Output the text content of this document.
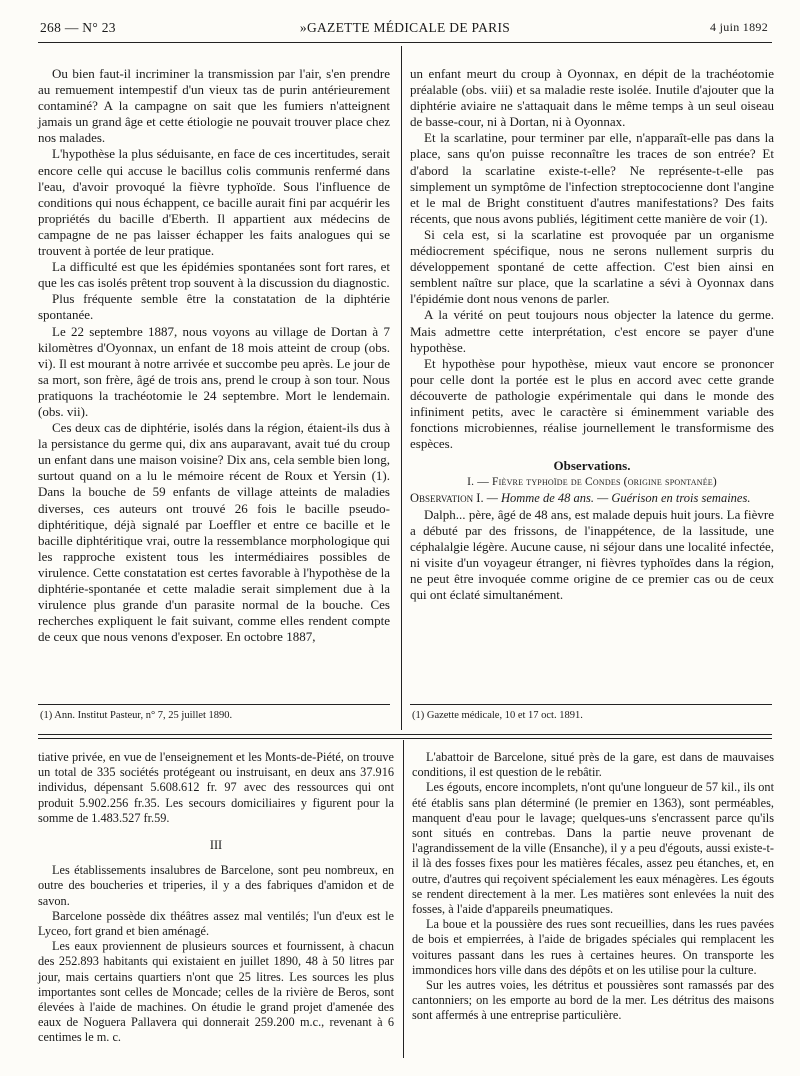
268 — N° 23	»GAZETTE MÉDICALE DE PARIS	4 juin 1892

Ou bien faut-il incriminer la transmission par l'air, s'en prendre au remuement intempestif d'un vieux tas de purin antérieurement contaminé? A la campagne on sait que les fumiers n'atteignent jamais un grand âge et cette étiologie ne pouvait trouver place chez nos malades.

L'hypothèse la plus séduisante, en face de ces incertitudes, serait encore celle qui accuse le bacillus colis communis renfermé dans l'eau, d'avoir provoqué la fièvre typhoïde. Sous l'influence de conditions qui nous échappent, ce bacille aurait fini par acquérir les propriétés du bacille d'Eberth. Il appartient aux médecins de campagne de ne pas laisser échapper les faits analogues qui se trouvent à portée de leur pratique.

La difficulté est que les épidémies spontanées sont fort rares, et que les cas isolés prêtent trop souvent à la discussion du diagnostic.

Plus fréquente semble être la constatation de la diphtérie spontanée.

Le 22 septembre 1887, nous voyons au village de Dortan à 7 kilomètres d'Oyonnax, un enfant de 18 mois atteint de croup (obs. vi). Il est mourant à notre arrivée et succombe peu après. Le jour de sa mort, son frère, âgé de trois ans, prend le croup à son tour. Nous pratiquons la trachéotomie le 24 septembre. Mort le lendemain. (obs. vii).

Ces deux cas de diphtérie, isolés dans la région, étaient-ils dus à la persistance du germe qui, dix ans auparavant, avait tué du croup un enfant dans une maison voisine? Dix ans, cela semble bien long, surtout quand on a lu le mémoire récent de Roux et Yersin (1). Dans la bouche de 59 enfants de village atteints de maladies diverses, ces auteurs ont trouvé 26 fois le bacille pseudo-diphtéritique, déjà signalé par Loeffler et entre ce bacille et le bacille diphtéritique vrai, outre la ressemblance morphologique qui les rapproche existent tous les intermédiaires possibles de virulence. Cette constatation est certes favorable à l'hypothèse de la diphtérie-spontanée et cette maladie serait simplement due à la virulence plus grande d'un parasite normal de la bouche. Ces recherches expliquent le fait suivant, comme elles rendent compte de ceux que nous venons d'exposer. En octobre 1887,

un enfant meurt du croup à Oyonnax, en dépit de la trachéotomie préalable (obs. viii) et sa maladie reste isolée. Inutile d'ajouter que la diphtérie aviaire ne s'attaquait dans le même temps à un seul oiseau de basse-cour, ni à Dortan, ni à Oyonnax.

Et la scarlatine, pour terminer par elle, n'apparaît-elle pas dans la place, sans qu'on puisse reconnaître les traces de son entrée? Et d'abord la scarlatine existe-t-elle? Ne représente-t-elle pas simplement un symptôme de l'infection streptococienne dont l'angine et le mal de Bright constituent d'autres manifestations? Des faits récents, que nous avons publiés, légitiment cette manière de voir (1).

Si cela est, si la scarlatine est provoquée par un organisme médiocrement spécifique, nous ne serons nullement surpris du développement spontané de cette affection. C'est bien ainsi en semblent naître sur place, que la scarlatine a sévi à Oyonnax dans l'épidémie dont nous venons de parler.

A la vérité on peut toujours nous objecter la latence du germe. Mais admettre cette interprétation, c'est encore se payer d'une hypothèse.

Et hypothèse pour hypothèse, mieux vaut encore se prononcer pour celle dont la portée est le plus en accord avec cette grande découverte de pathologie expérimentale qui dans le monde des infiniment petits, avec le caractère si éminemment variable des fonctions microbiennes, réalise journellement le transformisme des espèces.

Observations.

I. — Fièvre typhoïde de Condes (origine spontanée)

Observation I. — Homme de 48 ans. — Guérison en trois semaines.

Dalph... père, âgé de 48 ans, est malade depuis huit jours. La fièvre a débuté par des frissons, de l'inappétence, de la lassitude, une céphalalgie légère. Aucune cause, ni séjour dans une localité infectée, ni visite d'un voyageur étranger, ni fièvres typhoïdes dans la région, ne peut être invoquée comme origine de ce premier cas ou de ceux qui ont éclaté simultanément.

(1) Ann. Institut Pasteur, n° 7, 25 juillet 1890.	(1) Gazette médicale, 10 et 17 oct. 1891.

tiative privée, en vue de l'enseignement et les Monts-de-Piété, on trouve un total de 335 sociétés protégeant ou instruisant, en deux ans 37.916 individus, dépensant 5.608.612 fr. 97 avec des ressources qui ont produit 5.902.256 fr.35. Les secours domiciliaires y figurent pour la somme de 1.483.527 fr.59.

III

Les établissements insalubres de Barcelone, sont peu nombreux, en outre des boucheries et triperies, il y a des fabriques d'amidon et de savon.

Barcelone possède dix théâtres assez mal ventilés; l'un d'eux est le Lyceo, fort grand et bien aménagé.

Les eaux proviennent de plusieurs sources et fournissent, à chacun des 252.893 habitants qui existaient en juillet 1890, 48 à 50 litres par jour, mais certains quartiers n'ont que 25 litres. Les sources les plus importantes sont celles de Moncade; celles de la rivière de Beros, sont élevées à l'aide de machines. On étudie le grand projet d'amenée des eaux de Noguera Pallavera qui donnerait 259.200 m.c., revenant à 6 centimes le m. c.

L'abattoir de Barcelone, situé près de la gare, est dans de mauvaises conditions, il est question de le rebâtir.

Les égouts, encore incomplets, n'ont qu'une longueur de 57 kil., ils ont été établis sans plan déterminé (le premier en 1363), sont perméables, manquent d'eau pour le lavage; quelques-uns s'encrassent parce qu'ils sont situés en contrebas. Dans la partie neuve provenant de l'agrandissement de la ville (Ensanche), il y a peu d'égouts, aussi existe-t-il là des fosses fixes pour les matières fécales, assez peu étanches, et, en outre, d'autres qui reçoivent spécialement les eaux ménagères. Les égouts se rendent directement à la mer. Les matières sont enlevées la nuit des fosses, à l'aide d'appareils pneumatiques.

La boue et la poussière des rues sont recueillies, dans les rues pavées de bois et empierrées, à l'aide de brigades spéciales qui remplacent les voitures passant dans les rues à certaines heures. On transporte les immondices hors ville dans des dépôts et on les utilise pour la culture.

Sur les autres voies, les détritus et poussières sont ramassés par des cantonniers; on les emporte au bord de la mer. Les détritus des maisons sont affermés à une entreprise particulière.
